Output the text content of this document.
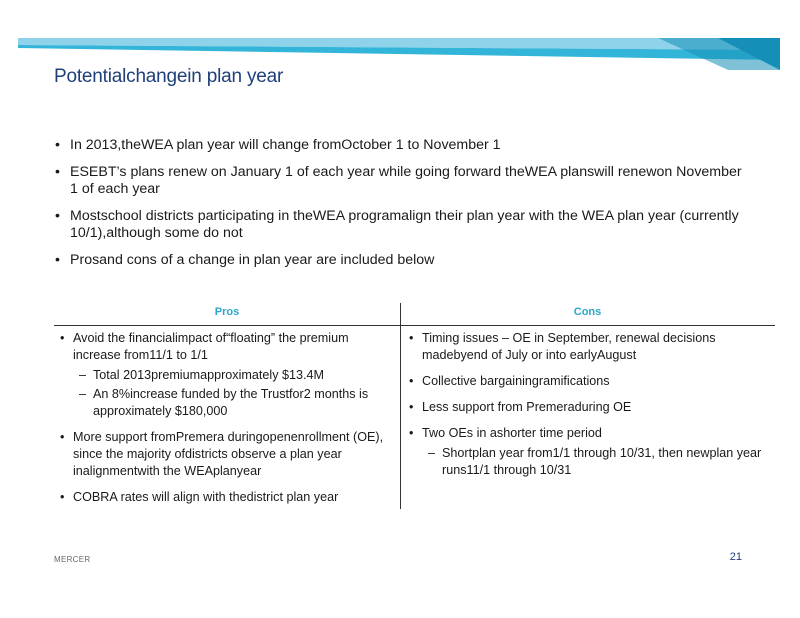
Potentialchangein plan year
• In 2013,theWEA plan year will change fromOctober 1 to November 1
• ESEBT’s plans renew on January 1 of each year while going forward theWEA planswill renewon November 1 of each year
• Mostschool districts participating in theWEA programalign their plan year with the WEA plan year (currently 10/1),although some do not
• Prosand cons of a change in plan year are included below
Pros
• Avoid the financialimpact of“floating” the premium increase from11/1 to 1/1
– Total 2013premiumapproximately $13.4M
– An 8%increase funded by the Trustfor2 months is approximately $180,000
• More support fromPremera duringopenenrollment (OE), since the majority ofdistricts observe a plan year inalignmentwith the WEAplanyear
• COBRA rates will align with thedistrict plan year
Cons
• Timing issues – OE in September, renewal decisions madebyend of July or into earlyAugust
• Collective bargainingramifications
• Less support from Premeraduring OE
• Two OEs in ashorter time period
– Shortplan year from1/1 through 10/31, then newplan year runs11/1 through 10/31
MERCER	21
